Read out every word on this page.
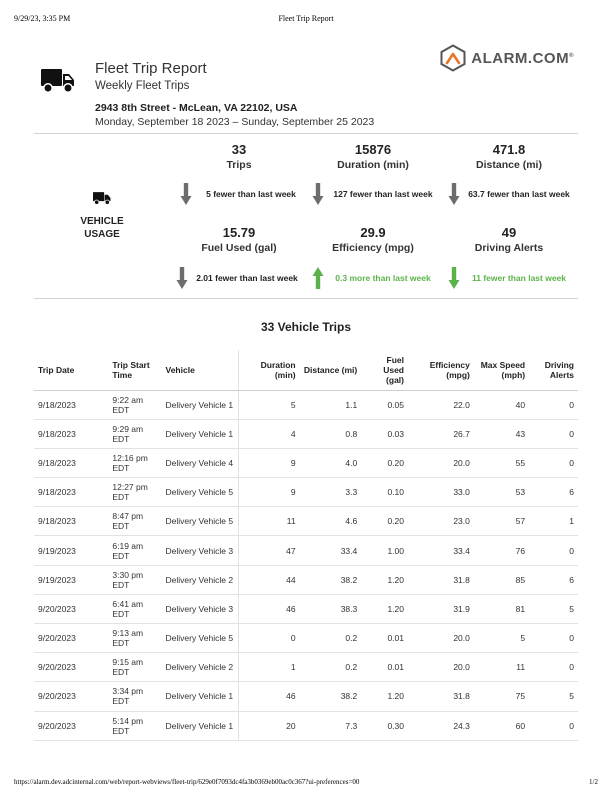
9/29/23, 3:35 PM	Fleet Trip Report
Fleet Trip Report
Weekly Fleet Trips
2943 8th Street - McLean, VA 22102, USA
Monday, September 18 2023 – Sunday, September 25 2023
ALARM.COM®
VEHICLE
USAGE
33
Trips
5 fewer than last week
15876
Duration (min)
127 fewer than last week
471.8
Distance (mi)
63.7 fewer than last week
15.79
Fuel Used (gal)
2.01 fewer than last week
29.9
Efficiency (mpg)
0.3 more than last week
49
Driving Alerts
11 fewer than last week
33 Vehicle Trips
Trip Date	Trip Start Time	Vehicle	Duration (min)	Distance (mi)	Fuel Used (gal)	Efficiency (mpg)	Max Speed (mph)	Driving Alerts
9/18/2023	9:22 am EDT	Delivery Vehicle 1	5	1.1	0.05	22.0	40	0
9/18/2023	9:29 am EDT	Delivery Vehicle 1	4	0.8	0.03	26.7	43	0
9/18/2023	12:16 pm EDT	Delivery Vehicle 4	9	4.0	0.20	20.0	55	0
9/18/2023	12:27 pm EDT	Delivery Vehicle 5	9	3.3	0.10	33.0	53	6
9/18/2023	8:47 pm EDT	Delivery Vehicle 5	11	4.6	0.20	23.0	57	1
9/19/2023	6:19 am EDT	Delivery Vehicle 3	47	33.4	1.00	33.4	76	0
9/19/2023	3:30 pm EDT	Delivery Vehicle 2	44	38.2	1.20	31.8	85	6
9/20/2023	6:41 am EDT	Delivery Vehicle 3	46	38.3	1.20	31.9	81	5
9/20/2023	9:13 am EDT	Delivery Vehicle 5	0	0.2	0.01	20.0	5	0
9/20/2023	9:15 am EDT	Delivery Vehicle 2	1	0.2	0.01	20.0	11	0
9/20/2023	3:34 pm EDT	Delivery Vehicle 1	46	38.2	1.20	31.8	75	5
9/20/2023	5:14 pm EDT	Delivery Vehicle 1	20	7.3	0.30	24.3	60	0
https://alarm.dev.adcinternal.com/web/report-webviews/fleet-trip/629e0f7093dc4fa3b0369eb00ac0c367?ui-preferences=00	1/2
